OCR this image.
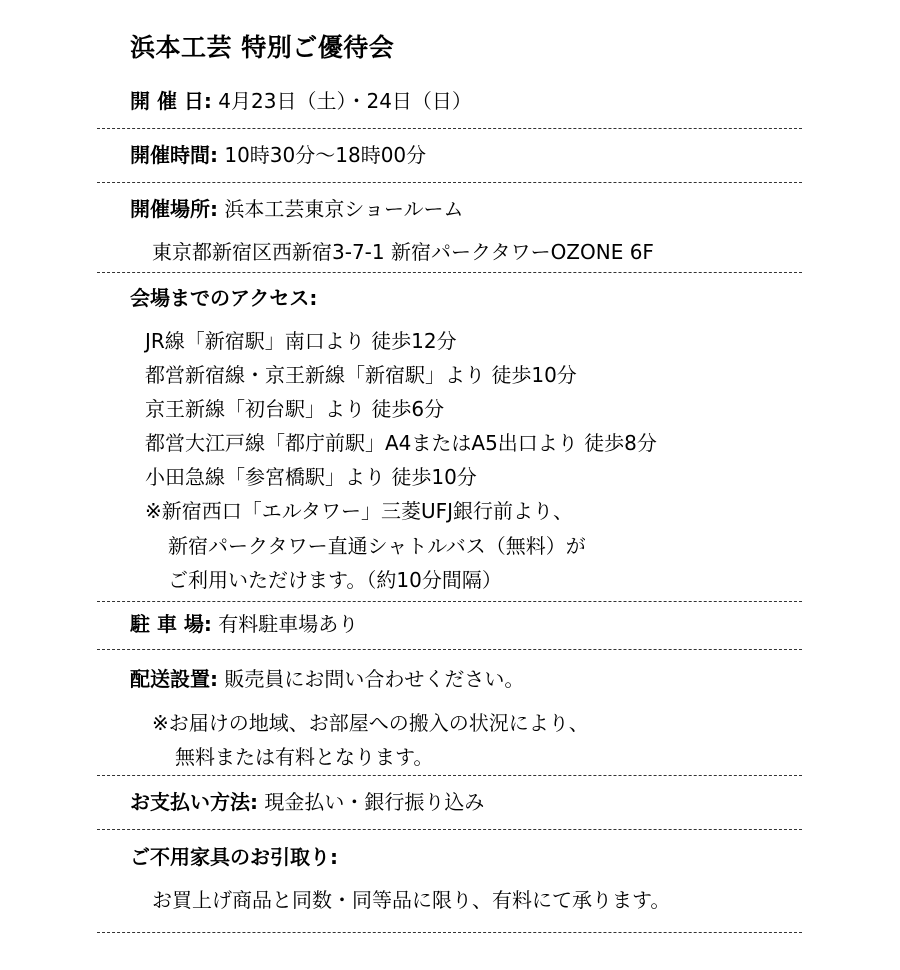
浜本工芸 特別ご優待会
開 催 日: 4月23日（土）・24日（日）
開催時間: 10時30分～18時00分
開催場所: 浜本工芸東京ショールーム
東京都新宿区西新宿3-7-1 新宿パークタワーOZONE 6F
会場までのアクセス:
JR線「新宿駅」南口より 徒歩12分
都営新宿線・京王新線「新宿駅」より 徒歩10分
京王新線「初台駅」より 徒歩6分
都営大江戸線「都庁前駅」A4またはA5出口より 徒歩8分
小田急線「参宮橋駅」より 徒歩10分
※新宿西口「エルタワー」三菱UFJ銀行前より、
新宿パークタワー直通シャトルバス（無料）が
ご利用いただけます。（約10分間隔）
駐 車 場: 有料駐車場あり
配送設置: 販売員にお問い合わせください。
※お届けの地域、お部屋への搬入の状況により、
無料または有料となります。
お支払い方法: 現金払い・銀行振り込み
ご不用家具のお引取り:
お買上げ商品と同数・同等品に限り、有料にて承ります。
